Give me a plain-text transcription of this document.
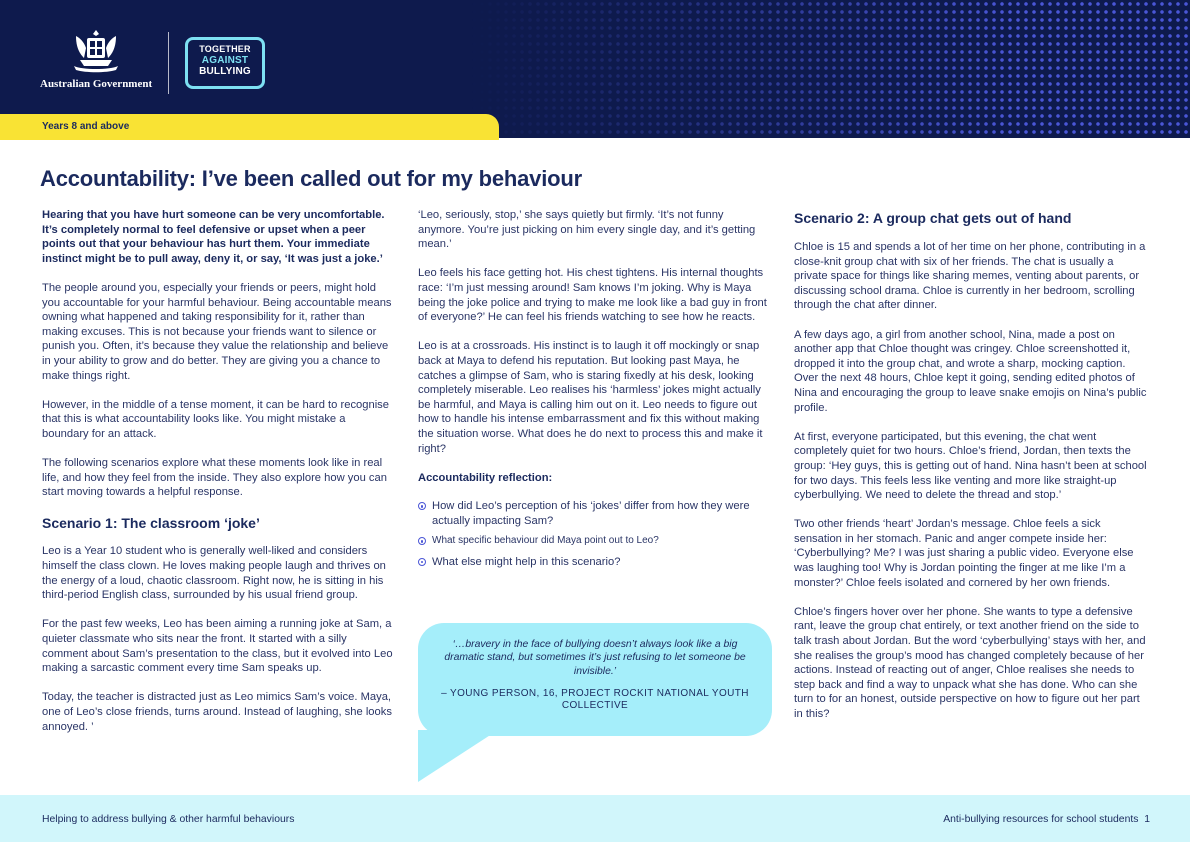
Australian Government
TOGETHER
AGAINST
BULLYING
Years 8 and above
Accountability: I’ve been called out for my behaviour

Hearing that you have hurt someone can be very uncomfortable. It’s completely normal to feel defensive or upset when a peer points out that your behaviour has hurt them. Your immediate instinct might be to pull away, deny it, or say, ‘It was just a joke.’

The people around you, especially your friends or peers, might hold you accountable for your harmful behaviour. Being accountable means owning what happened and taking responsibility for it, rather than making excuses. This is not because your friends want to silence or punish you. Often, it’s because they value the relationship and believe in your ability to grow and do better. They are giving you a chance to make things right.

However, in the middle of a tense moment, it can be hard to recognise that this is what accountability looks like. You might mistake a boundary for an attack.

The following scenarios explore what these moments look like in real life, and how they feel from the inside. They also explore how you can start moving towards a helpful response.

Scenario 1: The classroom ‘joke’

Leo is a Year 10 student who is generally well-liked and considers himself the class clown. He loves making people laugh and thrives on the energy of a loud, chaotic classroom. Right now, he is sitting in his third-period English class, surrounded by his usual friend group.

For the past few weeks, Leo has been aiming a running joke at Sam, a quieter classmate who sits near the front. It started with a silly comment about Sam’s presentation to the class, but it evolved into Leo making a sarcastic comment every time Sam speaks up.

Today, the teacher is distracted just as Leo mimics Sam’s voice. Maya, one of Leo’s close friends, turns around. Instead of laughing, she looks annoyed. ’

‘Leo, seriously, stop,’ she says quietly but firmly. ‘It’s not funny anymore. You’re just picking on him every single day, and it’s getting mean.’

Leo feels his face getting hot. His chest tightens. His internal thoughts race: ‘I’m just messing around! Sam knows I’m joking. Why is Maya being the joke police and trying to make me look like a bad guy in front of everyone?’ He can feel his friends watching to see how he reacts.

Leo is at a crossroads. His instinct is to laugh it off mockingly or snap back at Maya to defend his reputation. But looking past Maya, he catches a glimpse of Sam, who is staring fixedly at his desk, looking completely miserable. Leo realises his ‘harmless’ jokes might actually be harmful, and Maya is calling him out on it. Leo needs to figure out how to handle his intense embarrassment and fix this without making the situation worse. What does he do next to process this and make it right?

Accountability reflection:
How did Leo’s perception of his ‘jokes’ differ from how they were actually impacting Sam?
What specific behaviour did Maya point out to Leo?
What else might help in this scenario?
‘…bravery in the face of bullying doesn’t always look like a big dramatic stand, but sometimes it’s just refusing to let someone be invisible.’
– YOUNG PERSON, 16, PROJECT ROCKIT NATIONAL YOUTH COLLECTIVE
Scenario 2: A group chat gets out of hand

Chloe is 15 and spends a lot of her time on her phone, contributing in a close-knit group chat with six of her friends. The chat is usually a private space for things like sharing memes, venting about parents, or discussing school drama. Chloe is currently in her bedroom, scrolling through the chat after dinner.

A few days ago, a girl from another school, Nina, made a post on another app that Chloe thought was cringey. Chloe screenshotted it, dropped it into the group chat, and wrote a sharp, mocking caption. Over the next 48 hours, Chloe kept it going, sending edited photos of Nina and encouraging the group to leave snake emojis on Nina’s public profile.

At first, everyone participated, but this evening, the chat went completely quiet for two hours. Chloe’s friend, Jordan, then texts the group: ‘Hey guys, this is getting out of hand. Nina hasn’t been at school for two days. This feels less like venting and more like straight-up cyberbullying. We need to delete the thread and stop.’

Two other friends ‘heart’ Jordan’s message. Chloe feels a sick sensation in her stomach. Panic and anger compete inside her: ‘Cyberbullying? Me? I was just sharing a public video. Everyone else was laughing too! Why is Jordan pointing the finger at me like I’m a monster?’ Chloe feels isolated and cornered by her own friends.

Chloe’s fingers hover over her phone. She wants to type a defensive rant, leave the group chat entirely, or text another friend on the side to talk trash about Jordan. But the word ‘cyberbullying’ stays with her, and she realises the group’s mood has changed completely because of her actions. Instead of reacting out of anger, Chloe realises she needs to step back and find a way to unpack what she has done. Who can she turn to for an honest, outside perspective on how to figure out her part in this?

Helping to address bullying & other harmful behaviours	Anti-bullying resources for school students 1
